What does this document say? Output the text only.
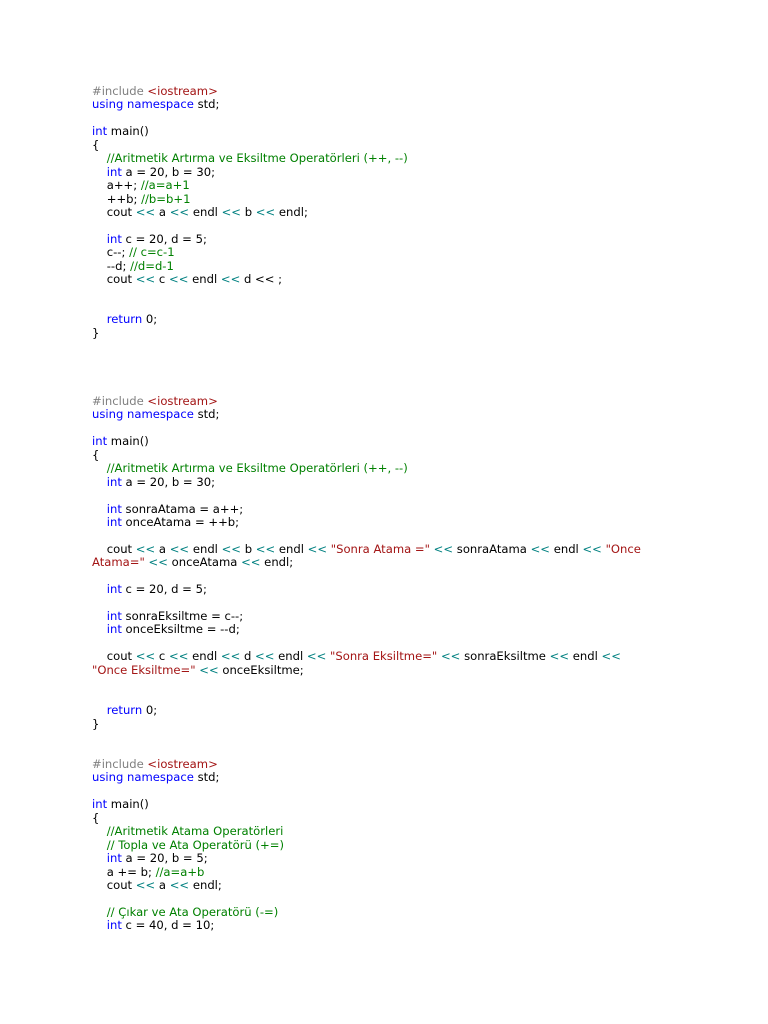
#include <iostream>
using namespace std;

int main()
{
//Aritmetik Artırma ve Eksiltme Operatörleri (++, --)
int a = 20, b = 30;
a++; //a=a+1
++b; //b=b+1
cout << a << endl << b << endl;

int c = 20, d = 5;
c--; // c=c-1
--d; //d=d-1
cout << c << endl << d << ;

return 0;
}
#include <iostream>
using namespace std;

int main()
{
//Aritmetik Artırma ve Eksiltme Operatörleri (++, --)
int a = 20, b = 30;

int sonraAtama = a++;
int onceAtama = ++b;

cout << a << endl << b << endl << "Sonra Atama =" << sonraAtama << endl << "Once
Atama=" << onceAtama << endl;

int c = 20, d = 5;

int sonraEksiltme = c--;
int onceEksiltme = --d;

cout << c << endl << d << endl << "Sonra Eksiltme=" << sonraEksiltme << endl <<
"Once Eksiltme=" << onceEksiltme;

return 0;
}
#include <iostream>
using namespace std;

int main()
{
//Aritmetik Atama Operatörleri
// Topla ve Ata Operatörü (+=)
int a = 20, b = 5;
a += b; //a=a+b
cout << a << endl;

// Çıkar ve Ata Operatörü (-=)
int c = 40, d = 10;
